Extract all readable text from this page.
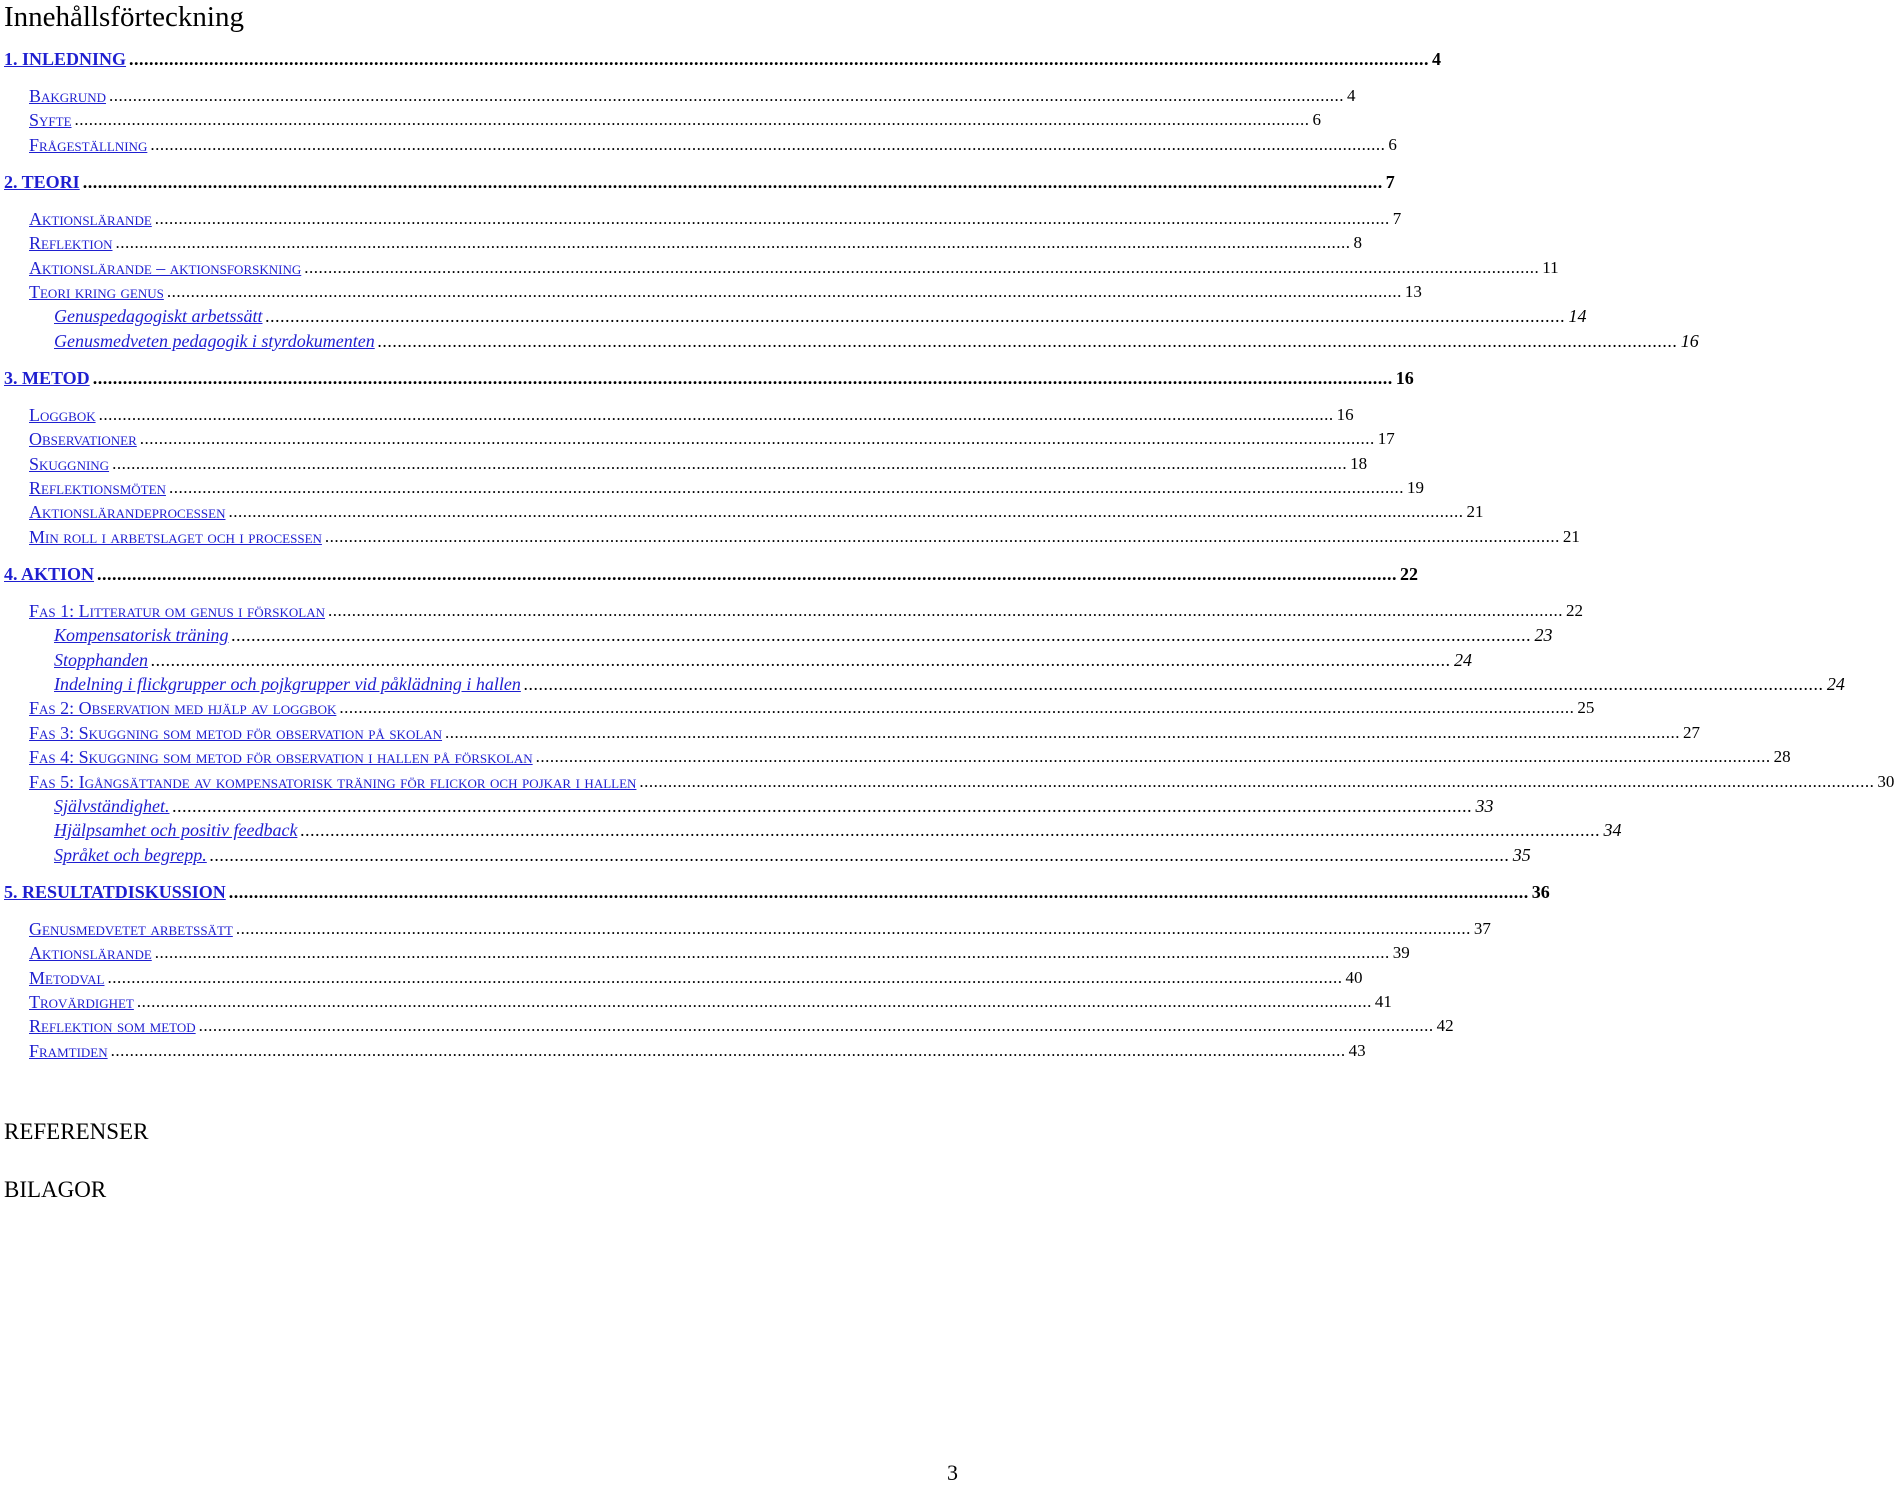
Innehållsförteckning
1. INLEDNING .................................................................................................................................................................................................................................................................... 4
Bakgrund .................................................................................................................................................................................................................................................................... 4
Syfte .................................................................................................................................................................................................................................................................... 6
Frågeställning .................................................................................................................................................................................................................................................................... 6
2. TEORI .................................................................................................................................................................................................................................................................... 7
Aktionslärande .................................................................................................................................................................................................................................................................... 7
Reflektion .................................................................................................................................................................................................................................................................... 8
Aktionslärande – aktionsforskning .................................................................................................................................................................................................................................................................... 11
Teori kring genus .................................................................................................................................................................................................................................................................... 13
Genuspedagogiskt arbetssätt .................................................................................................................................................................................................................................................................... 14
Genusmedveten pedagogik i styrdokumenten .................................................................................................................................................................................................................................................................... 16
3. METOD .................................................................................................................................................................................................................................................................... 16
Loggbok .................................................................................................................................................................................................................................................................... 16
Observationer .................................................................................................................................................................................................................................................................... 17
Skuggning .................................................................................................................................................................................................................................................................... 18
Reflektionsmöten .................................................................................................................................................................................................................................................................... 19
Aktionslärandeprocessen .................................................................................................................................................................................................................................................................... 21
Min roll i arbetslaget och i processen .................................................................................................................................................................................................................................................................... 21
4. AKTION .................................................................................................................................................................................................................................................................... 22
Fas 1: Litteratur om genus i förskolan .................................................................................................................................................................................................................................................................... 22
Kompensatorisk träning .................................................................................................................................................................................................................................................................... 23
Stopphanden .................................................................................................................................................................................................................................................................... 24
Indelning i flickgrupper och pojkgrupper vid påklädning i hallen .................................................................................................................................................................................................................................................................... 24
Fas 2: Observation med hjälp av loggbok .................................................................................................................................................................................................................................................................... 25
Fas 3: Skuggning som metod för observation på skolan .................................................................................................................................................................................................................................................................... 27
Fas 4: Skuggning som metod för observation i hallen på förskolan .................................................................................................................................................................................................................................................................... 28
Fas 5: Igångsättande av kompensatorisk träning för flickor och pojkar i hallen .................................................................................................................................................................................................................................................................... 30
Självständighet. .................................................................................................................................................................................................................................................................... 33
Hjälpsamhet och positiv feedback .................................................................................................................................................................................................................................................................... 34
Språket och begrepp. .................................................................................................................................................................................................................................................................... 35
5. RESULTATDISKUSSION .................................................................................................................................................................................................................................................................... 36
Genusmedvetet arbetssätt .................................................................................................................................................................................................................................................................... 37
Aktionslärande .................................................................................................................................................................................................................................................................... 39
Metodval .................................................................................................................................................................................................................................................................... 40
Trovärdighet .................................................................................................................................................................................................................................................................... 41
Reflektion som metod .................................................................................................................................................................................................................................................................... 42
Framtiden .................................................................................................................................................................................................................................................................... 43
REFERENSER
BILAGOR
3
